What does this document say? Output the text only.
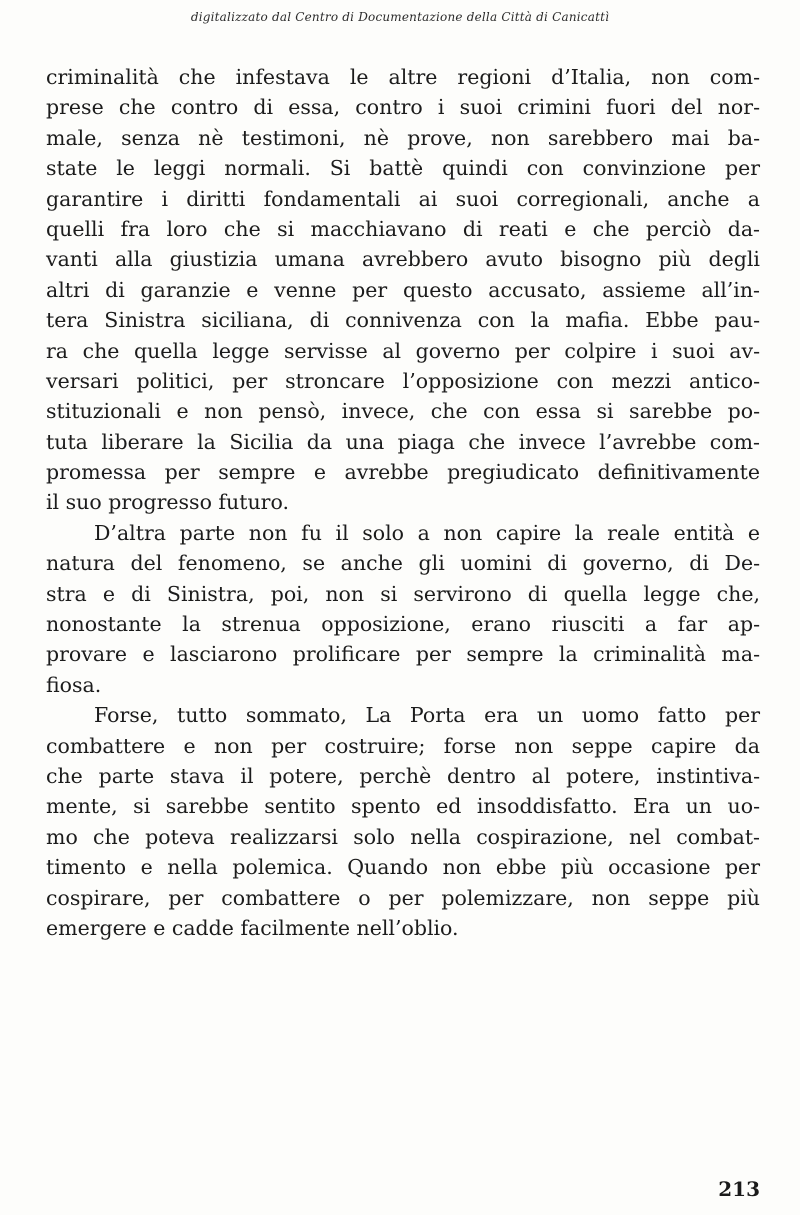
digitalizzato dal Centro di Documentazione della Città di Canicattì
criminalità che infestava le altre regioni d’Italia, non com-
prese che contro di essa, contro i suoi crimini fuori del nor-
male, senza nè testimoni, nè prove, non sarebbero mai ba-
state le leggi normali. Si battè quindi con convinzione per
garantire i diritti fondamentali ai suoi corregionali, anche a
quelli fra loro che si macchiavano di reati e che perciò da-
vanti alla giustizia umana avrebbero avuto bisogno più degli
altri di garanzie e venne per questo accusato, assieme all’in-
tera Sinistra siciliana, di connivenza con la mafia. Ebbe pau-
ra che quella legge servisse al governo per colpire i suoi av-
versari politici, per stroncare l’opposizione con mezzi antico-
stituzionali e non pensò, invece, che con essa si sarebbe po-
tuta liberare la Sicilia da una piaga che invece l’avrebbe com-
promessa per sempre e avrebbe pregiudicato definitivamente
il suo progresso futuro.
D’altra parte non fu il solo a non capire la reale entità e
natura del fenomeno, se anche gli uomini di governo, di De-
stra e di Sinistra, poi, non si servirono di quella legge che,
nonostante la strenua opposizione, erano riusciti a far ap-
provare e lasciarono prolificare per sempre la criminalità ma-
fiosa.
Forse, tutto sommato, La Porta era un uomo fatto per
combattere e non per costruire; forse non seppe capire da
che parte stava il potere, perchè dentro al potere, instintiva-
mente, si sarebbe sentito spento ed insoddisfatto. Era un uo-
mo che poteva realizzarsi solo nella cospirazione, nel combat-
timento e nella polemica. Quando non ebbe più occasione per
cospirare, per combattere o per polemizzare, non seppe più
emergere e cadde facilmente nell’oblio.
213
